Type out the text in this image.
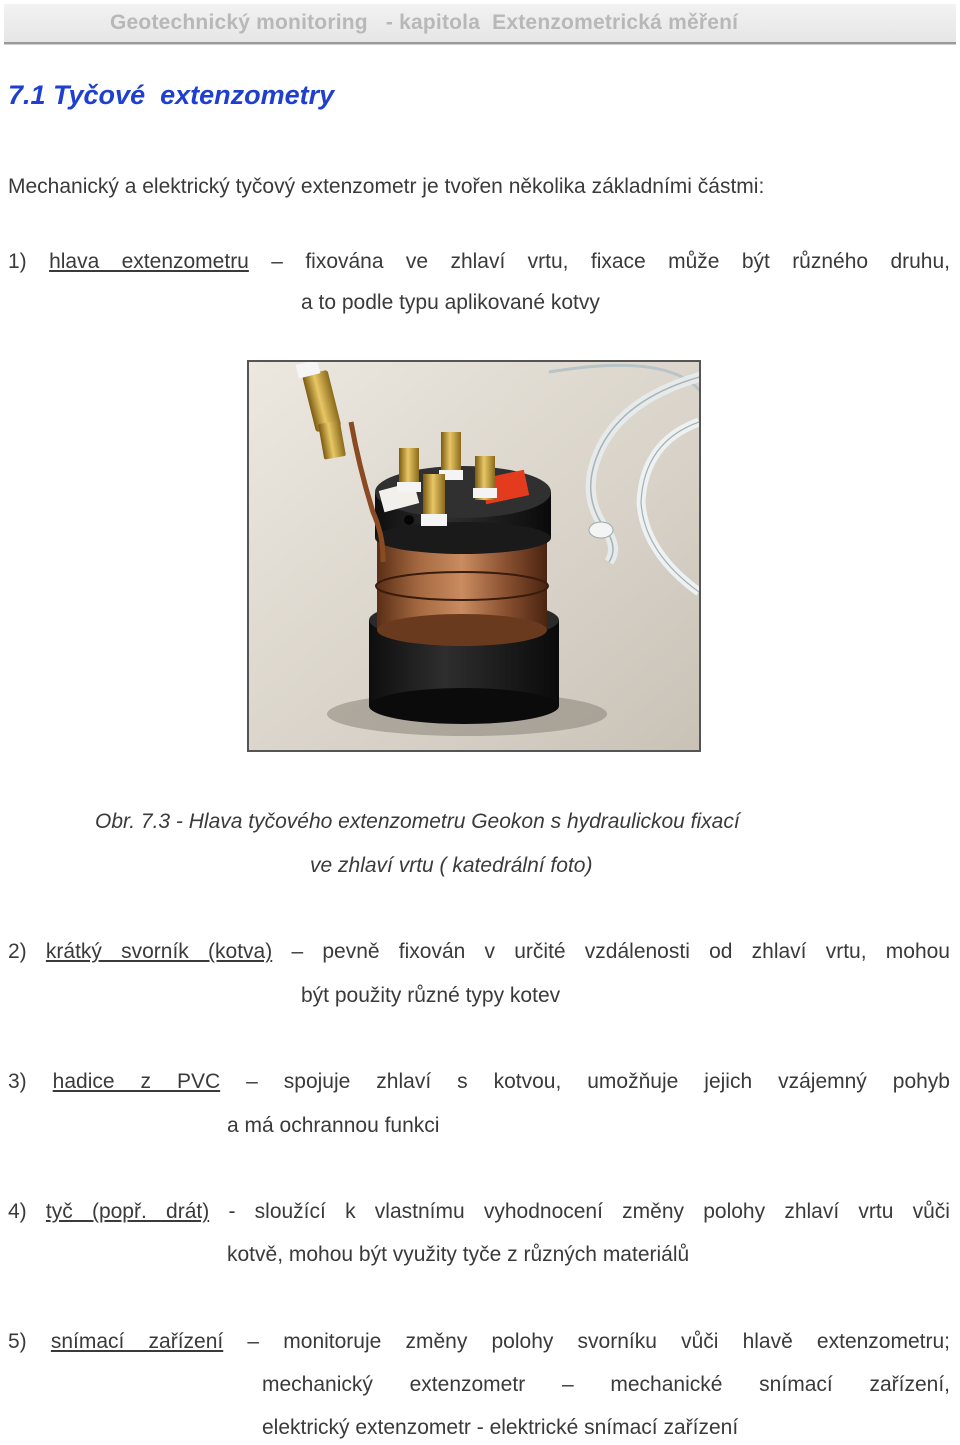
Geotechnický monitoring   - kapitola  Extenzometrická měření
7.1 Tyčové  extenzometry
Mechanický a elektrický tyčový extenzometr je tvořen několika základními částmi:
1) hlava extenzometru – fixována ve zhlaví vrtu, fixace může být různého druhu,
a to podle typu aplikované kotvy
Obr. 7.3 - Hlava tyčového extenzometru Geokon s hydraulickou fixací
ve zhlaví vrtu ( katedrální foto)
2) krátký svorník (kotva) – pevně fixován v určité vzdálenosti od zhlaví vrtu, mohou
být použity různé typy kotev
3) hadice z PVC – spojuje zhlaví s kotvou, umožňuje jejich vzájemný pohyb
a má ochrannou funkci
4) tyč (popř. drát) - sloužící k vlastnímu vyhodnocení změny polohy zhlaví vrtu vůči
kotvě, mohou být využity tyče z různých materiálů
5) snímací zařízení – monitoruje změny polohy svorníku vůči hlavě extenzometru;
mechanický extenzometr – mechanické snímací zařízení,
elektrický extenzometr - elektrické snímací zařízení
